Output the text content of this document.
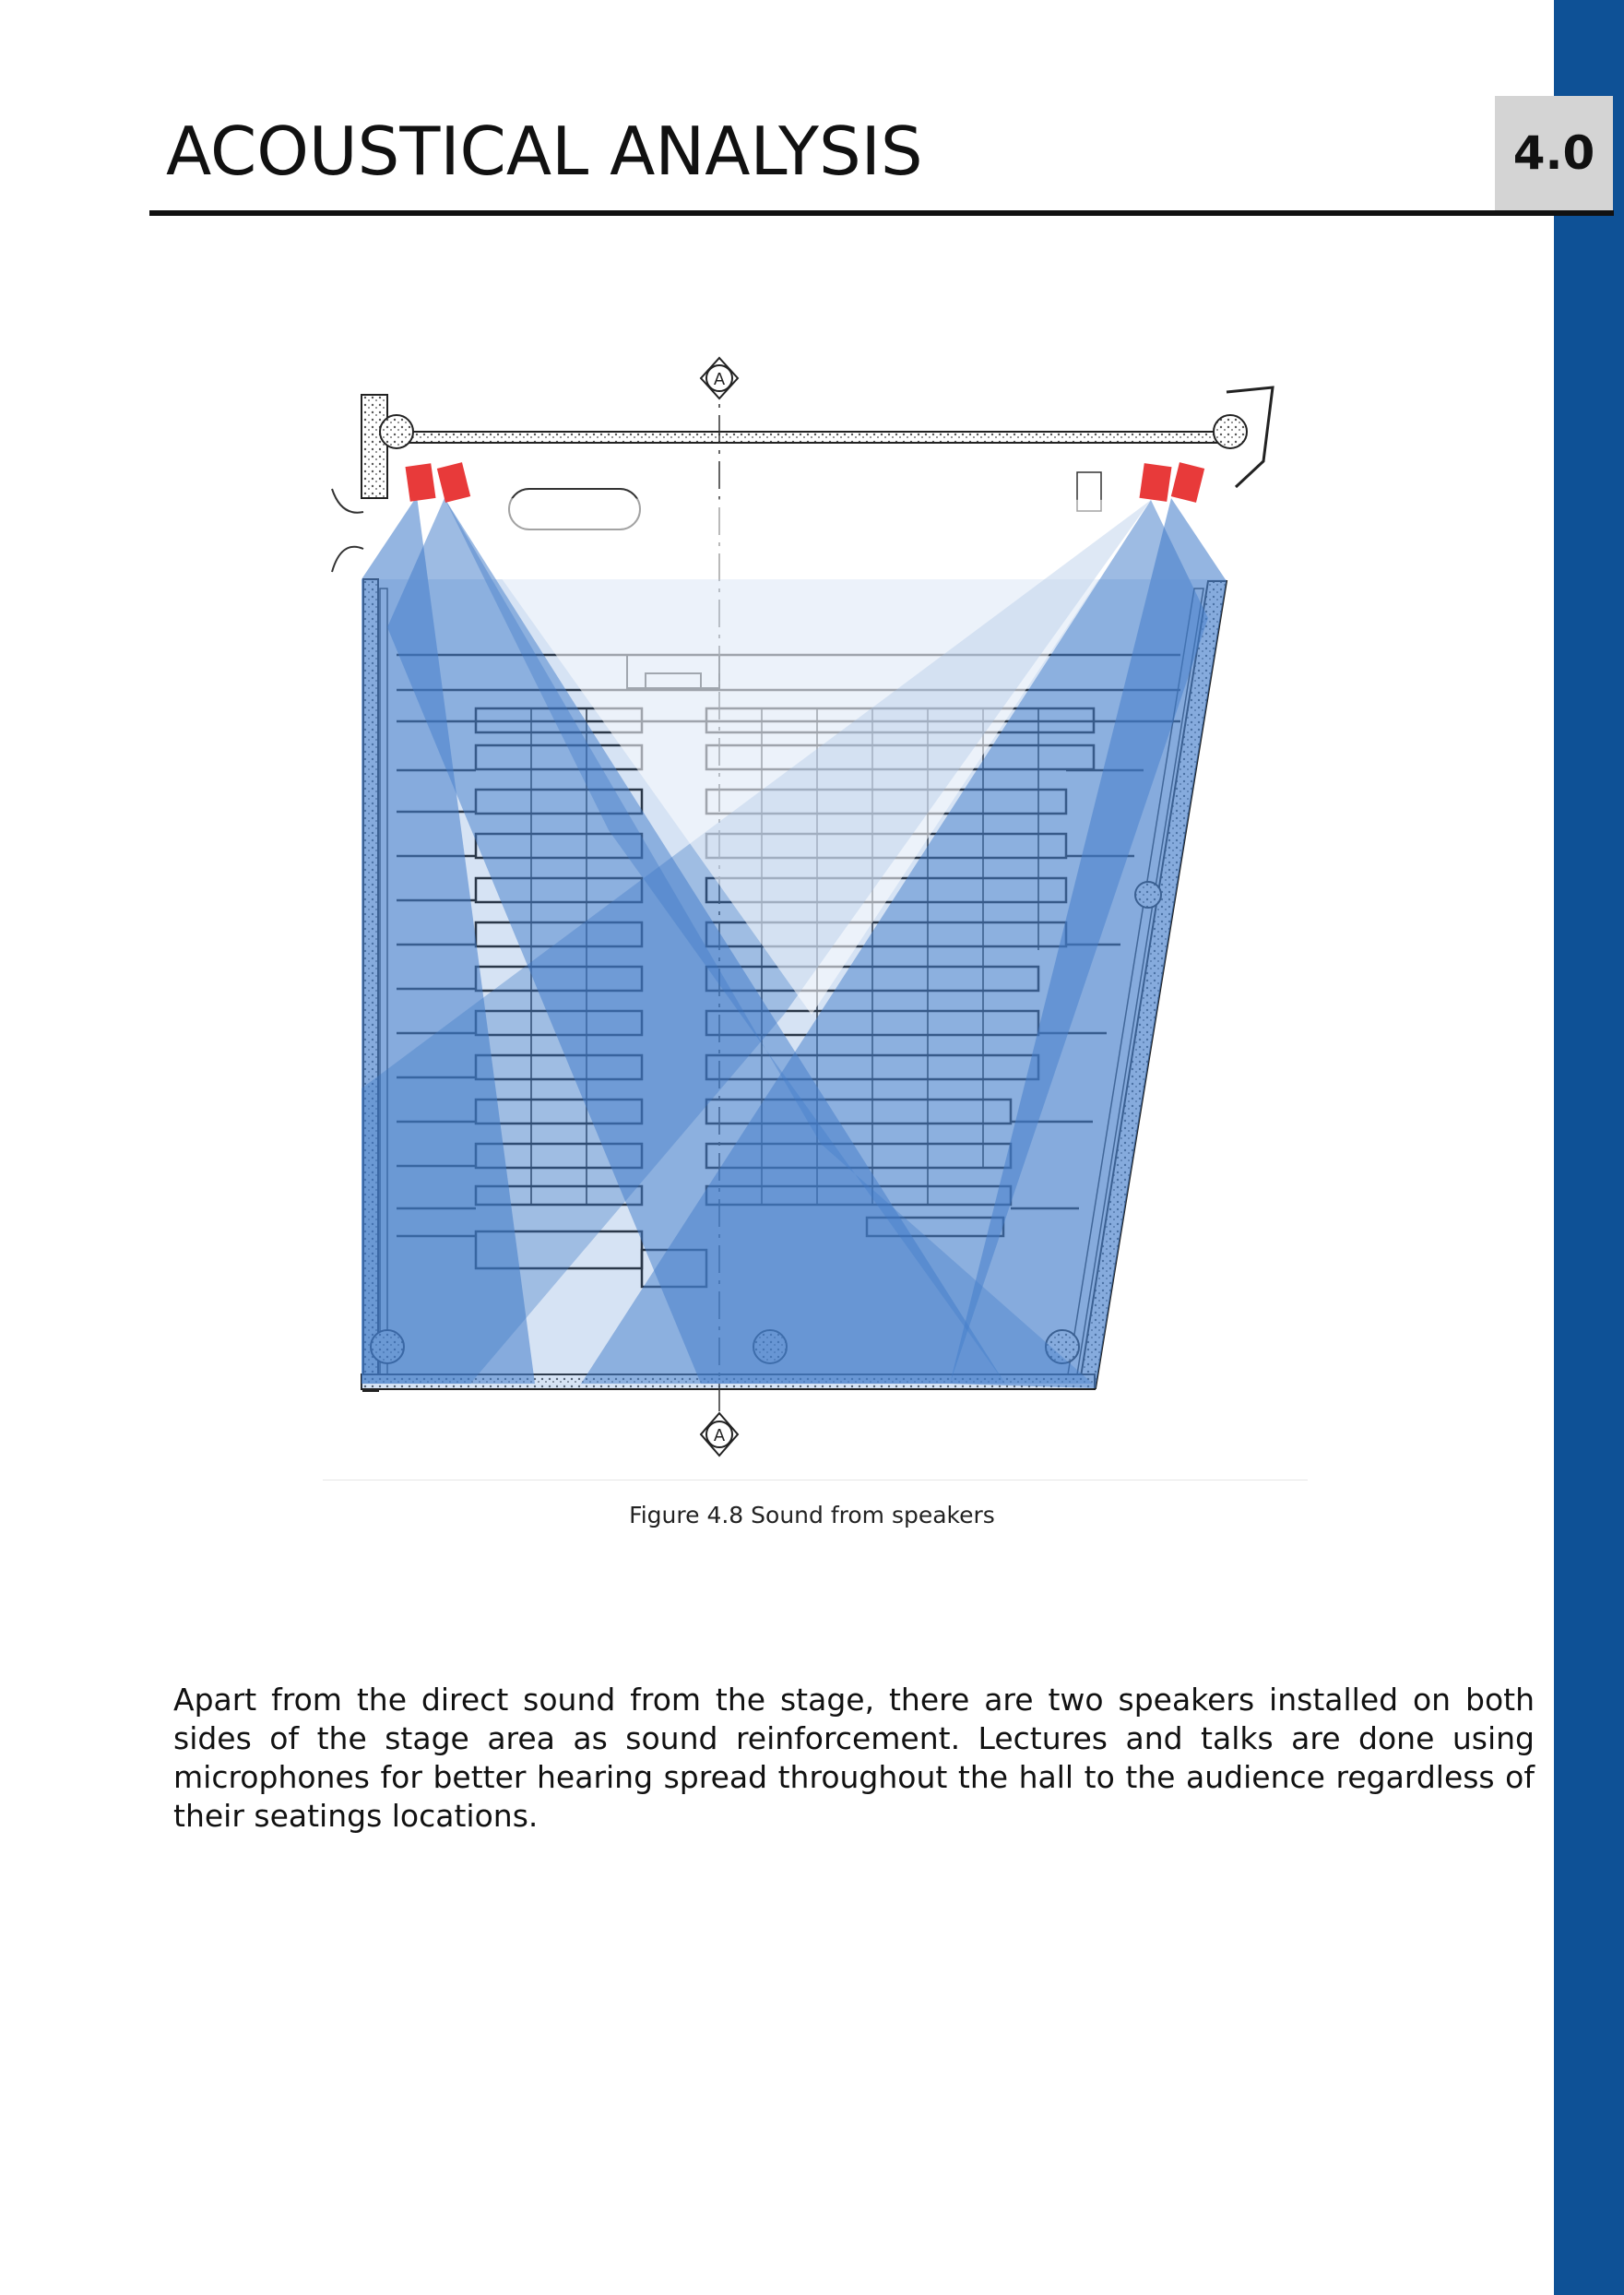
4.0
ACOUSTICAL ANALYSIS
A
A
Figure 4.8 Sound from speakers
Apart from the direct sound from the stage, there are two speakers installed on both sides of the stage area as sound reinforcement. Lectures and talks are done using microphones for better hearing spread throughout the hall to the audience regardless of their seatings locations.
